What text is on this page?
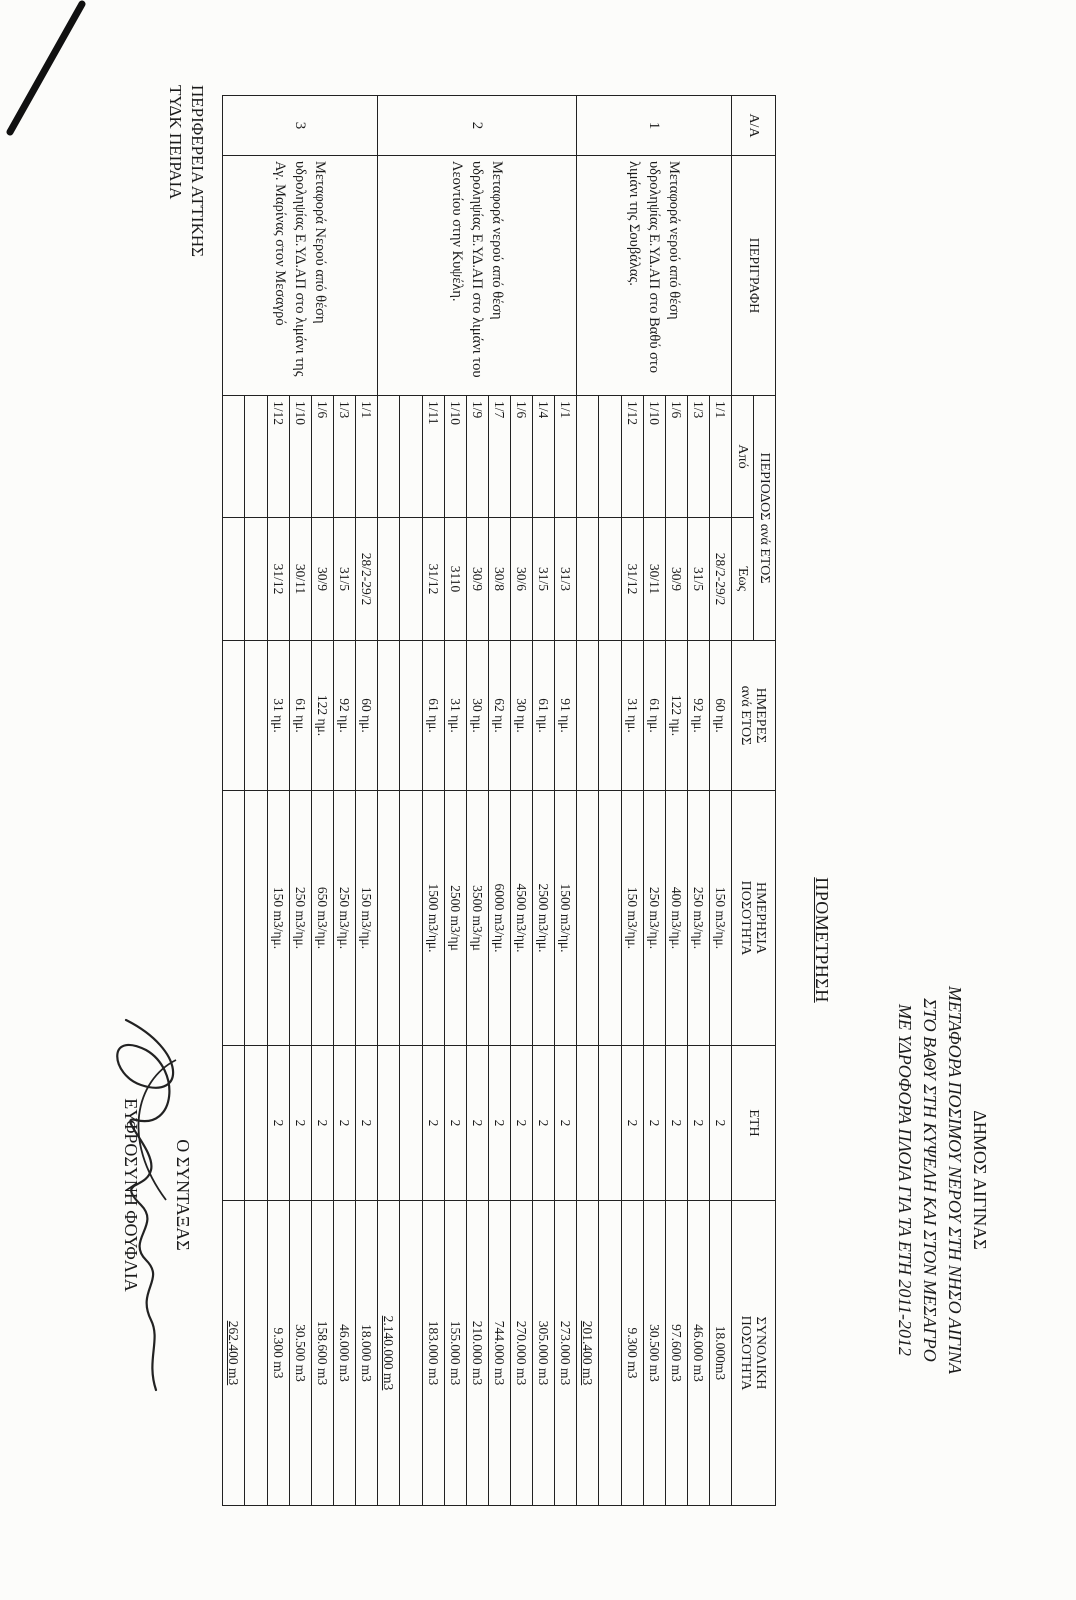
ΠΕΡΙΦΕΡΕΙΑ ΑΤΤΙΚΗΣ
ΤΥΔΚ ΠΕΙΡΑΙΑ
ΔΗΜΟΣ ΑΙΓΙΝΑΣ
ΜΕΤΑΦΟΡΑ ΠΟΣΙΜΟΥ ΝΕΡΟΥ ΣΤΗ ΝΗΣΟ ΑΙΓΙΝΑ
ΣΤΟ ΒΑΘΥ ΣΤΗ ΚΥΨΕΛΗ ΚΑΙ ΣΤΟΝ ΜΕΣΑΓΡΟ
ΜΕ ΥΔΡΟΦΟΡΑ ΠΛΟΙΑ ΓΙΑ ΤΑ ΕΤΗ 2011-2012
ΠΡΟΜΕΤΡΗΣΗ
Α/Α	ΠΕΡΙΓΡΑΦΗ	ΠΕΡΙΟΔΟΣ ανά ΕΤΟΣ		ΗΜΕΡΕΣ
ανά ΕΤΟΣ	ΗΜΕΡΗΣΙΑ
ΠΟΣΟΤΗΤΑ	ΕΤΗ	ΣΥΝΟΛΙΚΗ
ΠΟΣΟΤΗΤΑ
		Από	Έως				
1	Μεταφορά νερού από θέση υδροληψίας Ε.ΥΔ.ΑΠ στο Βαθύ στο λιμάνι της Σουβάλας.	1/1	28/2-29/2	60 ημ.	150 m3/ημ.	2	18.000m3
		1/3	31/5	92 ημ.	250 m3/ημ.	2	46.000 m3
		1/6	30/9	122 ημ.	400 m3/ημ.	2	97.600 m3
		1/10	30/11	61 ημ.	250 m3/ημ.	2	30.500 m3
		1/12	31/12	31 ημ.	150 m3/ημ.	2	9.300 m3

							201.400 m3
2	Μεταφορά νερού από θέση υδροληψίας Ε.ΥΔ.ΑΠ στο λιμάνι του Λεοντίου στην Κυψέλη.	1/1	31/3	91 ημ.	1500 m3/ημ.	2	273.000 m3
		1/4	31/5	61 ημ.	2500 m3/ημ.	2	305.000 m3
		1/6	30/6	30 ημ.	4500 m3/ημ.	2	270.000 m3
		1/7	30/8	62 ημ.	6000 m3/ημ.	2	744.000 m3
		1/9	30/9	30 ημ.	3500 m3/ημ	2	210.000 m3
		1/10	3110	31 ημ.	2500 m3/ημ	2	155.000 m3
		1/11	31/12	61 ημ.	1500 m3/ημ.	2	183.000 m3

							2.140.000 m3
3	Μεταφορά Νερού από θέση υδροληψίας Ε.ΥΔ.ΑΠ στο λιμάνι της Αγ. Μαρίνας στον Μεσαγρό	1/1	28/2-29/2	60 ημ.	150 m3/ημ.	2	18.000 m3
		1/3	31/5	92 ημ.	250 m3/ημ.	2	46.000 m3
		1/6	30/9	122 ημ.	650 m3/ημ.	2	158.600 m3
		1/10	30/11	61 ημ.	250 m3/ημ.	2	30.500 m3
		1/12	31/12	31 ημ.	150 m3/ημ.	2	9.300 m3

							262.400 m3
Ο ΣΥΝΤΑΞΑΣ
ΕΥΦΡΟΣΥΝΗ ΦΟΥΦΛΙΑ
